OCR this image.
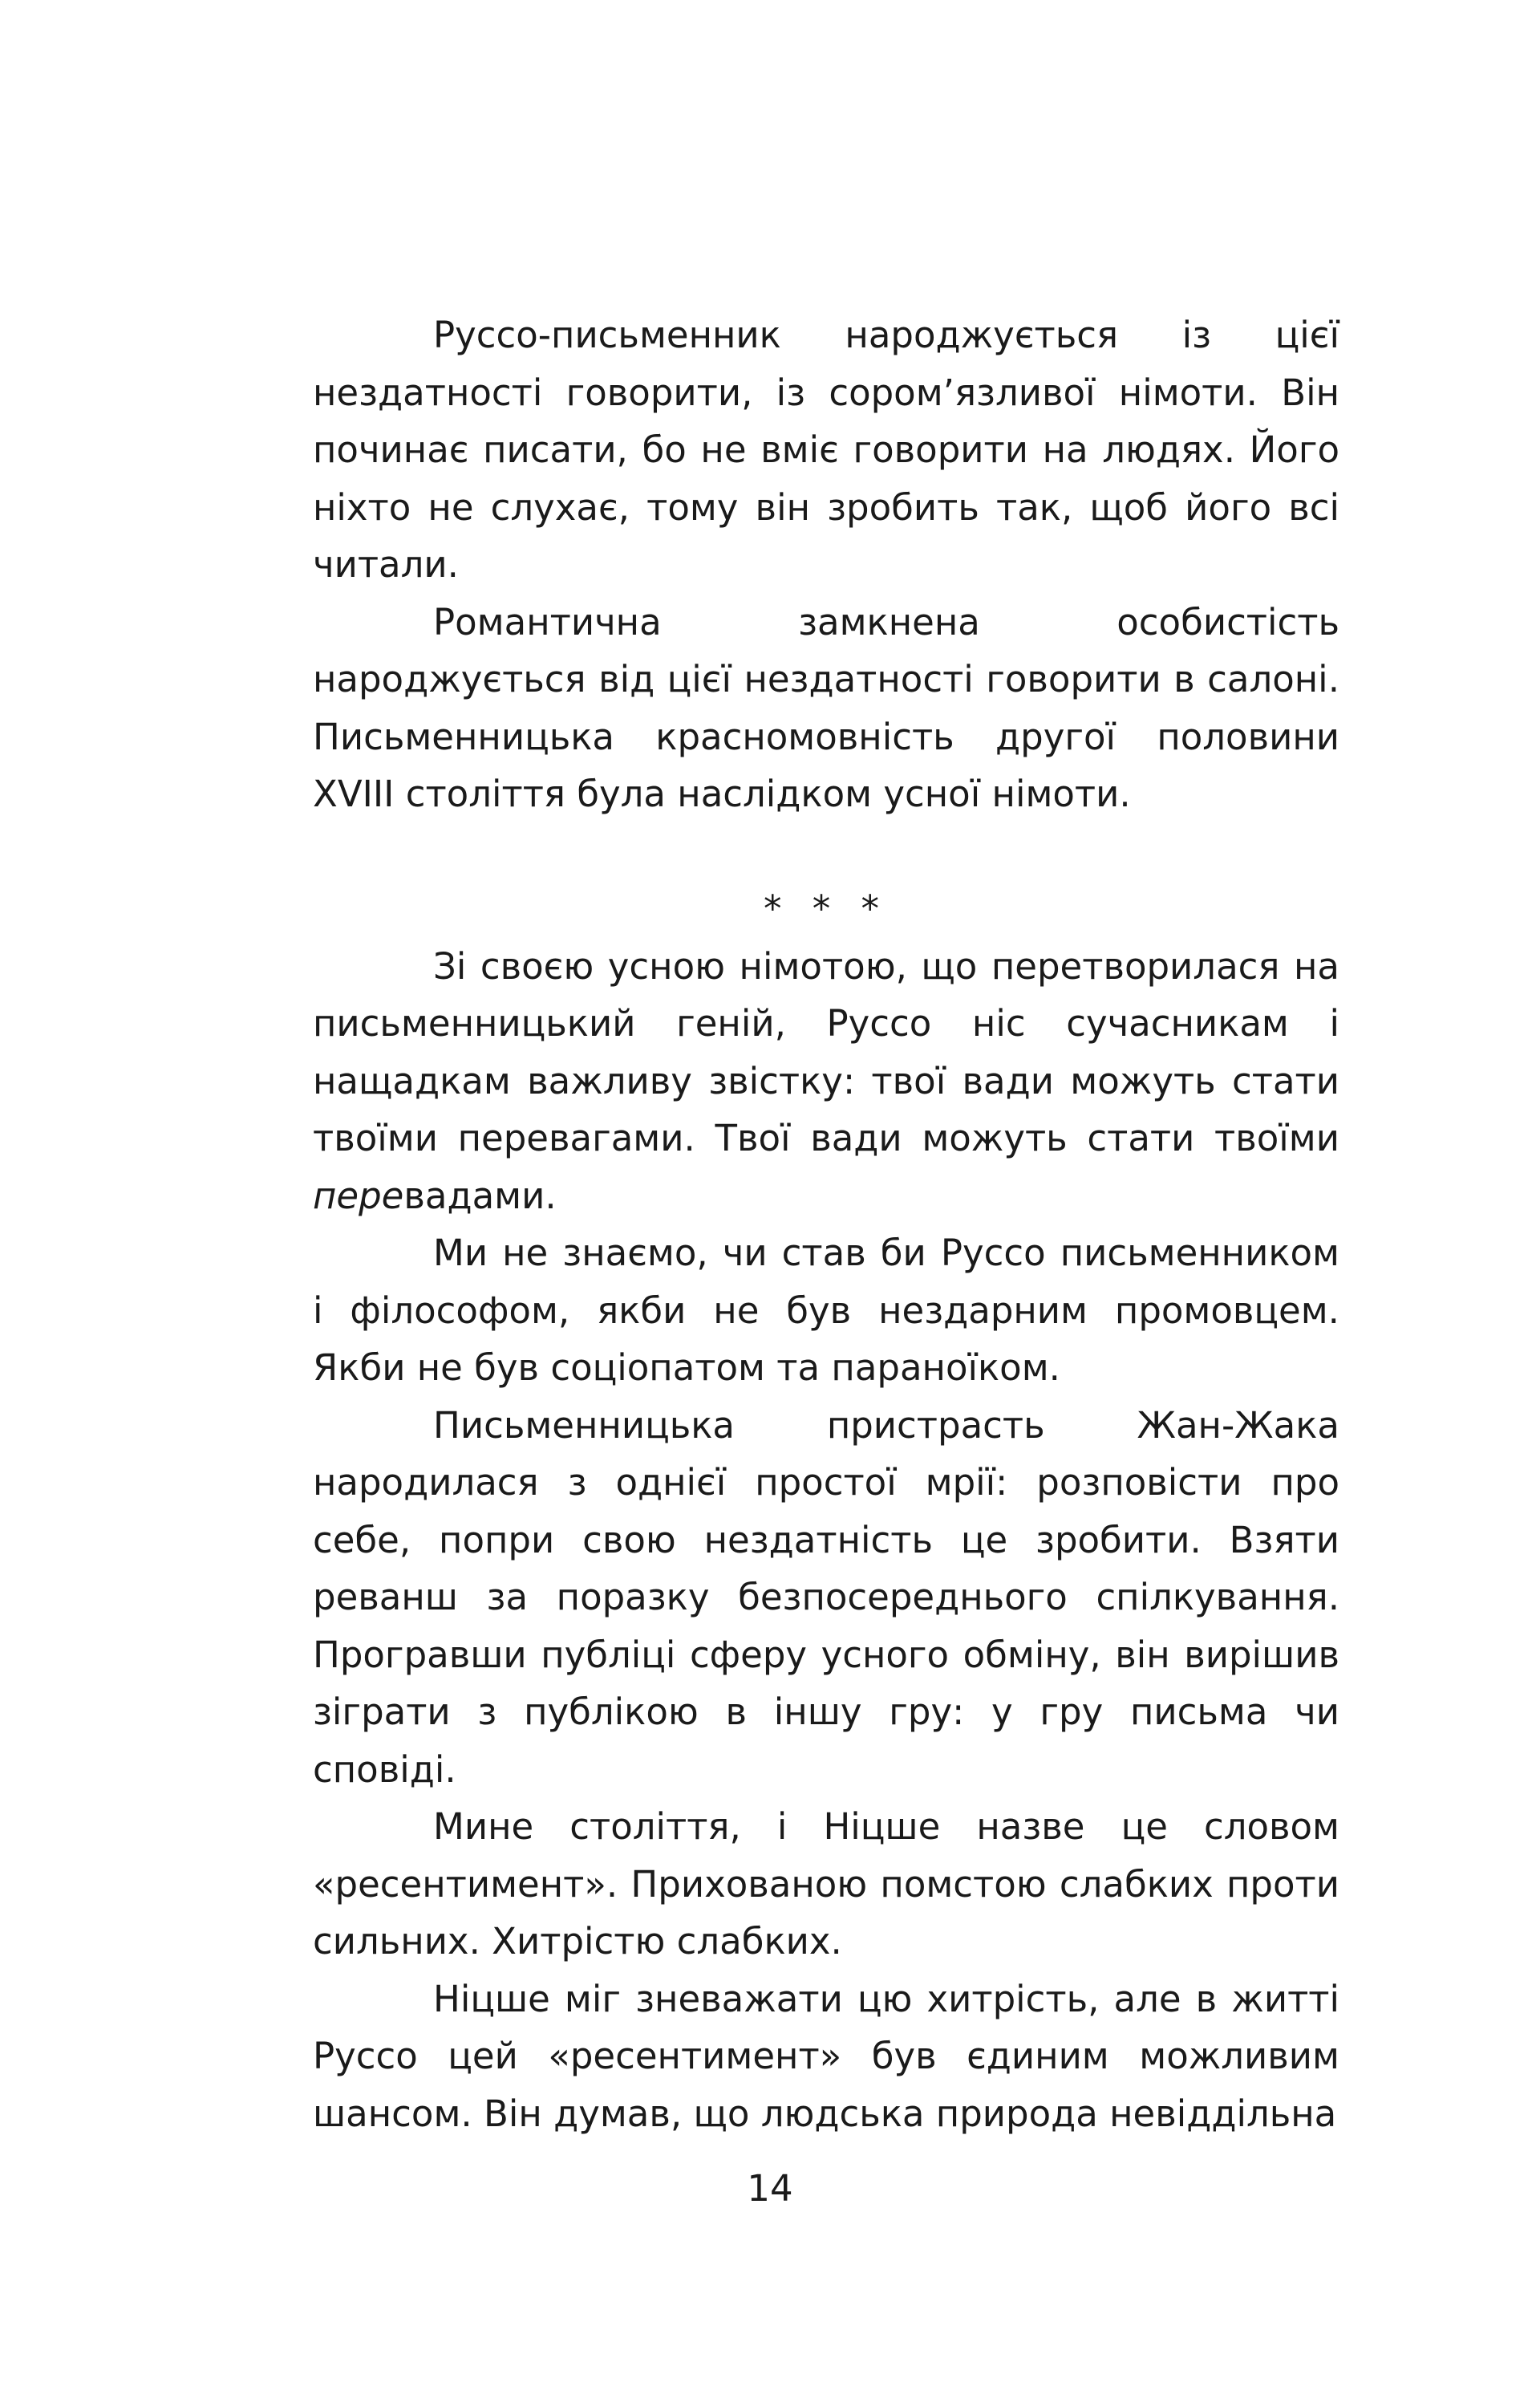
Руссо-письменник народжується із цієї нездатності говорити, із сором’язливої німоти. Він починає писати, бо не вміє говорити на людях. Його ніхто не слухає, тому він зробить так, щоб його всі читали.

Романтична замкнена особистість народжується від цієї нездатності говорити в салоні. Письменницька красномовність другої половини XVIII століття була наслідком усної німоти.

* * *

Зі своєю усною німотою, що перетворилася на письменницький геній, Руссо ніс сучасникам і нащадкам важливу звістку: твої вади можуть стати твоїми перевагами. Твої вади можуть стати твоїми перевадами.

Ми не знаємо, чи став би Руссо письменником і філософом, якби не був нездарним промовцем. Якби не був соціопатом та параноїком.

Письменницька пристрасть Жан-Жака народилася з однієї простої мрії: розповісти про себе, попри свою нездатність це зробити. Взяти реванш за поразку безпосереднього спілкування. Програвши публіці сферу усного обміну, він вирішив зіграти з публікою в іншу гру: у гру письма чи сповіді.

Мине століття, і Ніцше назве це словом «ресентимент». Прихованою помстою слабких проти сильних. Хитрістю слабких.

Ніцше міг зневажати цю хитрість, але в житті Руссо цей «ресентимент» був єдиним можливим шансом. Він думав, що людська природа невіддільна

14
